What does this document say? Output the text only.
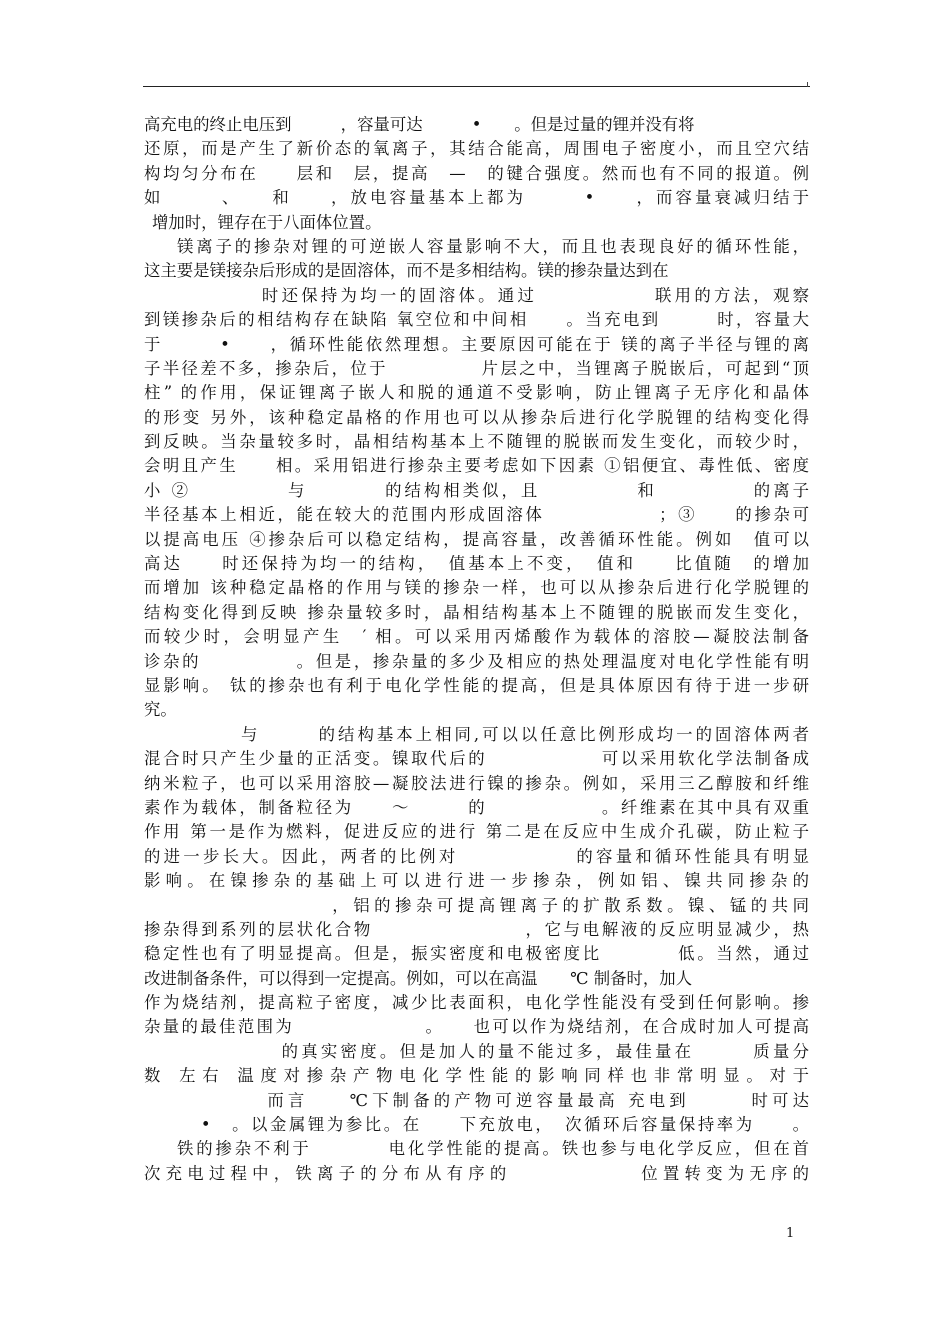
高充电的终止电压到　　　，容量可达　　　•　　。但是过量的锂并没有将
还原，而是产生了新价态的氧离子，其结合能高，周围电子密度小，而且空穴结
构均匀分布在　　层和　层，提高　—　的键合强度。然而也有不同的报道。例
如　　　、　　和　　，放电容量基本上都为　　　•　　，而容量衰减归结于
增加时，锂存在于八面体位置。
镁离子的掺杂对锂的可逆嵌人容量影响不大，而且也表现良好的循环性能，
这主要是镁接杂后形成的是固溶体，而不是多相结构。镁的掺杂量达到在
　　　　　　时还保持为均一的固溶体。通过　　　　　　联用的方法，观察
到镁掺杂后的相结构存在缺陷 氧空位和中间相　　。当充电到　　　时，容量大
于　　　•　　，循环性能依然理想。主要原因可能在于 镁的离子半径与锂的离
子半径差不多，掺杂后，位于　　　　　片层之中，当锂离子脱嵌后，可起到“顶
柱” 的作用，保证锂离子嵌人和脱的通道不受影响，防止锂离子无序化和晶体
的形变 另外，该种稳定晶格的作用也可以从掺杂后进行化学脱锂的结构变化得
到反映。当杂量较多时，晶相结构基本上不随锂的脱嵌而发生变化，而较少时，
会明且产生　　相。采用铝进行掺杂主要考虑如下因素 ①铝便宜、毒性低、密度
小 ②　　　　　与　　　　的结构相类似，且　　　　　和　　　　　的离子
半径基本上相近，能在较大的范围内形成固溶体　　　　　　；③　　的掺杂可
以提高电压 ④掺杂后可以稳定结构，提高容量，改善循环性能。例如　值可以
高达　　时还保持为均一的结构，　值基本上不变，　值和　　比值随　的增加
而增加 该种稳定晶格的作用与镁的掺杂一样，也可以从掺杂后进行化学脱锂的
结构变化得到反映 掺杂量较多时，晶相结构基本上不随锂的脱嵌而发生变化，
而较少时，会明显产生　′ 相。可以采用丙烯酸作为载体的溶胶—凝胶法制备
诊杂的　　　　　。但是，掺杂量的多少及相应的热处理温度对电化学性能有明
显影响。 钛的掺杂也有利于电化学性能的提高，但是具体原因有待于进一步研
究。
　　　　　与　　　的结构基本上相同,可以以任意比例形成均一的固溶体两者
混合时只产生少量的正活变。镍取代后的　　　　　　可以采用软化学法制备成
纳米粒子，也可以采用溶胶—凝胶法进行镍的掺杂。例如，采用三乙醇胺和纤维
素作为载体，制备粒径为　　～　　　的　　　　　　。纤维素在其中具有双重
作用 第一是作为燃料，促进反应的进行 第二是在反应中生成介孔碳，防止粒子
的进一步长大。因此，两者的比例对　　　　　　的容量和循环性能具有明显
影响。在镍掺杂的基础上可以进行进一步掺杂，例如铝、镍共同掺杂的
　　　　　　　　　，铝的掺杂可提高锂离子的扩散系数。镍、锰的共同
掺杂得到系列的层状化合物　　　　　　　　，它与电解液的反应明显减少，热
稳定性也有了明显提高。但是，振实密度和电极密度比　　　　低。当然，通过
改进制备条件，可以得到一定提高。例如，可以在高温　　℃ 制备时，加人
作为烧结剂，提高粒子密度，减少比表面积，电化学性能没有受到任何影响。掺
杂量的最佳范围为　　　　　　　。　　也可以作为烧结剂，在合成时加人可提高
　　　　　　　的真实密度。但是加人的量不能过多，最佳量在　　　质量分
数 左右 温度对掺杂产物电化学性能的影响同样也非常明显。对于
　　　　　　而言　　℃下制备的产物可逆容量最高 充电到　　　时可达
　　　•　。以金属锂为参比。在　　下充放电，　次循环后容量保持率为　　。
铁的掺杂不利于　　　　电化学性能的提高。铁也参与电化学反应，但在首
次充电过程中，铁离子的分布从有序的　　　　　　位置转变为无序的
1
